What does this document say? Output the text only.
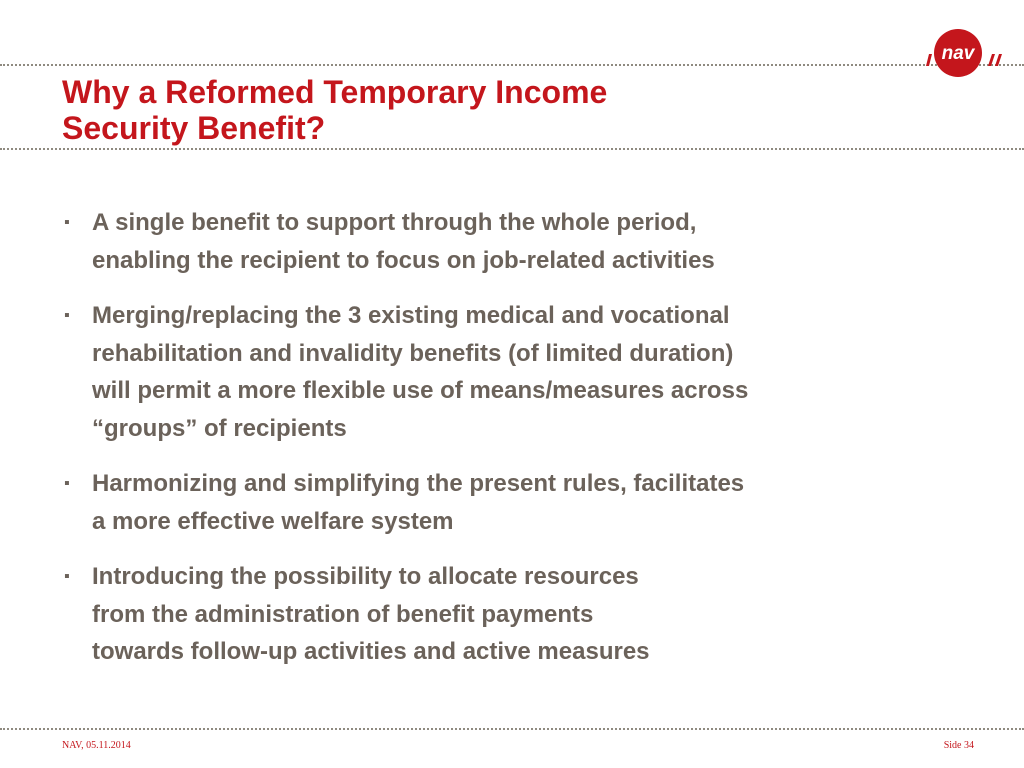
nav
Why a Reformed Temporary Income
Security Benefit?
▪ A single benefit to support through the whole period,
enabling the recipient to focus on job-related activities
▪ Merging/replacing the 3 existing medical and vocational
rehabilitation and invalidity benefits (of limited duration)
will permit a more flexible use of means/measures across
“groups” of recipients
▪ Harmonizing and simplifying the present rules, facilitates
a more effective welfare system
▪ Introducing the possibility to allocate resources
from the administration of benefit payments
towards follow-up activities and active measures
NAV, 05.11.2014	Side 34
